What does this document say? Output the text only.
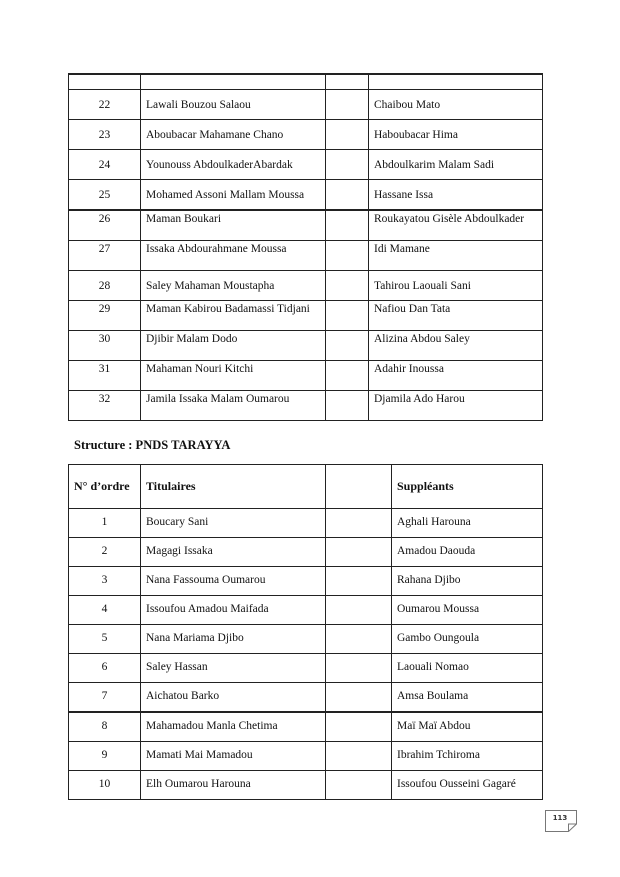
22	Lawali Bouzou Salaou		Chaibou Mato

23	Aboubacar Mahamane Chano		Haboubacar Hima

24	Younouss AbdoulkaderAbardak		Abdoulkarim Malam Sadi

25	Mohamed Assoni Mallam Moussa		Hassane Issa

26	Maman Boukari		Roukayatou Gisèle Abdoulkader

27	Issaka Abdourahmane Moussa		Idi Mamane

28	Saley Mahaman Moustapha		Tahirou Laouali Sani

29	Maman Kabirou Badamassi Tidjani		Nafiou Dan Tata

30	Djibir Malam Dodo		Alizina Abdou Saley

31	Mahaman Nouri Kitchi		Adahir Inoussa

32	Jamila Issaka Malam Oumarou		Djamila Ado Harou
Structure : PNDS TARAYYA
N° d’ordre	Titulaires		Suppléants

1	Boucary Sani		Aghali Harouna

2	Magagi Issaka		Amadou Daouda

3	Nana Fassouma Oumarou		Rahana Djibo

4	Issoufou Amadou Maifada		Oumarou Moussa

5	Nana Mariama Djibo		Gambo Oungoula

6	Saley Hassan		Laouali Nomao

7	Aichatou Barko		Amsa Boulama

8	Mahamadou Manla Chetima		Maï Maï Abdou

9	Mamati Mai Mamadou		Ibrahim Tchiroma

10	Elh Oumarou Harouna		Issoufou Ousseini Gagaré
113
